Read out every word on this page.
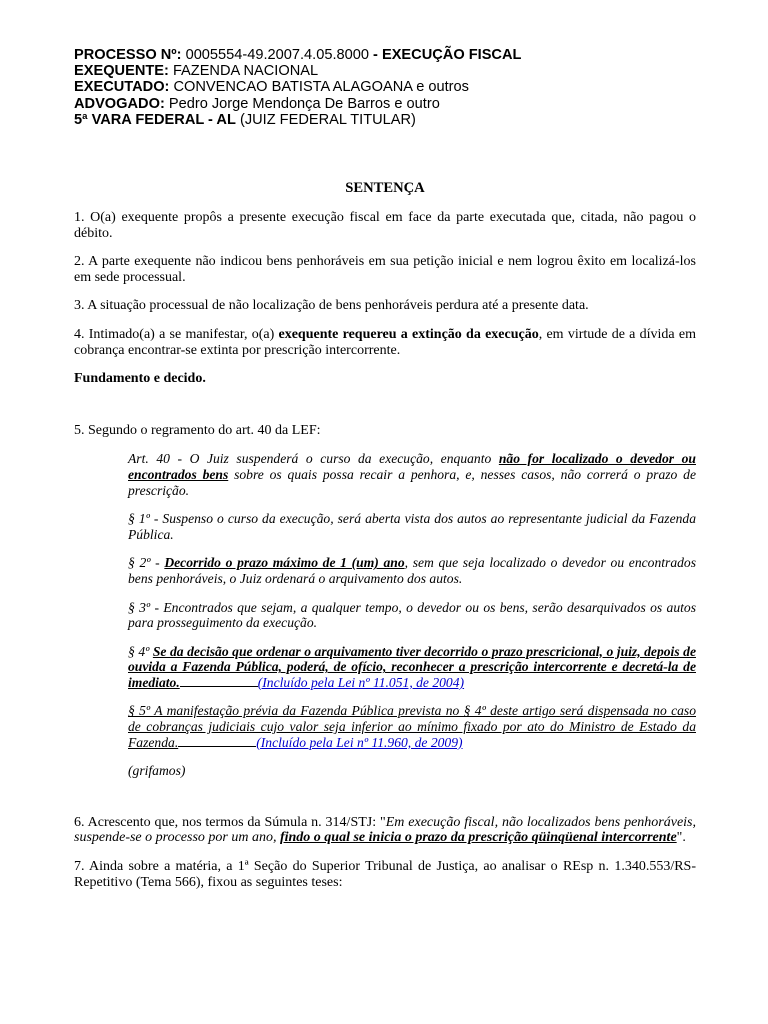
PROCESSO Nº: 0005554-49.2007.4.05.8000 - EXECUÇÃO FISCAL
EXEQUENTE: FAZENDA NACIONAL
EXECUTADO: CONVENCAO BATISTA ALAGOANA e outros
ADVOGADO: Pedro Jorge Mendonça De Barros e outro
5ª VARA FEDERAL - AL (JUIZ FEDERAL TITULAR)
SENTENÇA

1. O(a) exequente propôs a presente execução fiscal em face da parte executada que, citada, não pagou o débito.

2. A parte exequente não indicou bens penhoráveis em sua petição inicial e nem logrou êxito em localizá-los em sede processual.

3. A situação processual de não localização de bens penhoráveis perdura até a presente data.

4. Intimado(a) a se manifestar, o(a) exequente requereu a extinção da execução, em virtude de a dívida em cobrança encontrar-se extinta por prescrição intercorrente.

Fundamento e decido.

5. Segundo o regramento do art. 40 da LEF:

Art. 40 - O Juiz suspenderá o curso da execução, enquanto não for localizado o devedor ou encontrados bens sobre os quais possa recair a penhora, e, nesses casos, não correrá o prazo de prescrição.

§ 1º - Suspenso o curso da execução, será aberta vista dos autos ao representante judicial da Fazenda Pública.

§ 2º - Decorrido o prazo máximo de 1 (um) ano, sem que seja localizado o devedor ou encontrados bens penhoráveis, o Juiz ordenará o arquivamento dos autos.

§ 3º - Encontrados que sejam, a qualquer tempo, o devedor ou os bens, serão desarquivados os autos para prosseguimento da execução.

§ 4º Se da decisão que ordenar o arquivamento tiver decorrido o prazo prescricional, o juiz, depois de ouvida a Fazenda Pública, poderá, de ofício, reconhecer a prescrição intercorrente e decretá-la de imediato.	(Incluído pela Lei nº 11.051, de 2004)

§ 5º A manifestação prévia da Fazenda Pública prevista no § 4º deste artigo será dispensada no caso de cobranças judiciais cujo valor seja inferior ao mínimo fixado por ato do Ministro de Estado da Fazenda.	(Incluído pela Lei nº 11.960, de 2009)

(grifamos)

6. Acrescento que, nos termos da Súmula n. 314/STJ: "Em execução fiscal, não localizados bens penhoráveis, suspende-se o processo por um ano, findo o qual se inicia o prazo da prescrição qüinqüenal intercorrente".

7. Ainda sobre a matéria, a 1ª Seção do Superior Tribunal de Justiça, ao analisar o REsp n. 1.340.553/RS-Repetitivo (Tema 566), fixou as seguintes teses:
